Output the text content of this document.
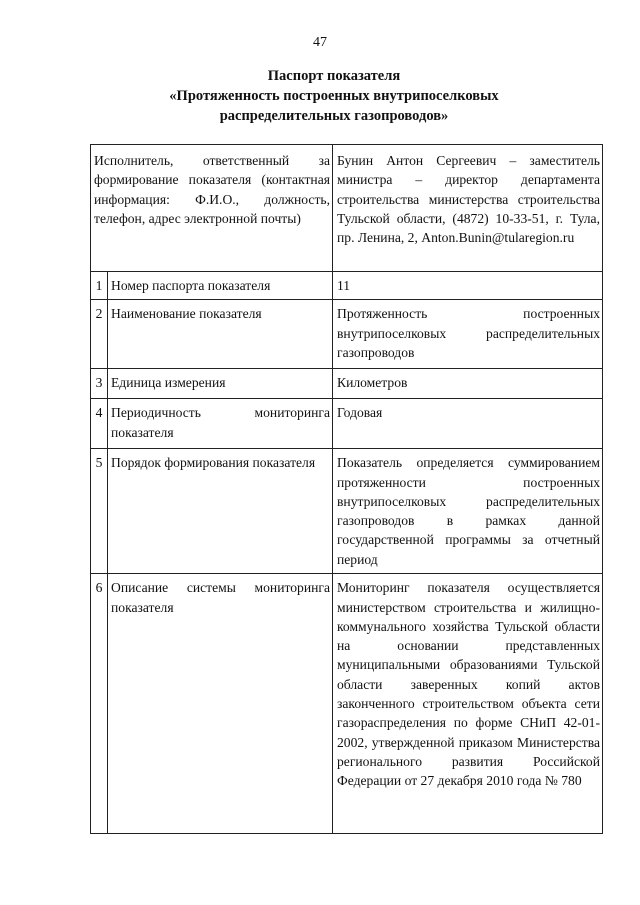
47
Паспорт показателя
«Протяженность построенных внутрипоселковых
распределительных газопроводов»
Исполнитель, ответственный за формирование показателя (контактная информация: Ф.И.О., должность, телефон, адрес электронной почты)		Бунин Антон Сергеевич – заместитель министра – директор департамента строительства министерства строительства Тульской области, (4872) 10-33-51, г. Тула, пр. Ленина, 2, Anton.Bunin@tularegion.ru
1	Номер паспорта показателя	11
2	Наименование показателя	Протяженность построенных внутрипоселковых распределительных газопроводов
3	Единица измерения	Километров
4	Периодичность мониторинга показателя	Годовая
5	Порядок формирования показателя	Показатель определяется суммированием протяженности построенных внутрипоселковых распределительных газопроводов в рамках данной государственной программы за отчетный период
6	Описание системы мониторинга показателя	Мониторинг показателя осуществляется министерством строительства и жилищно-коммунального хозяйства Тульской области на основании представленных муниципальными образованиями Тульской области заверенных копий актов законченного строительством объекта сети газораспределения по форме СНиП 42-01-2002, утвержденной приказом Министерства регионального развития Российской Федерации от 27 декабря 2010 года № 780
